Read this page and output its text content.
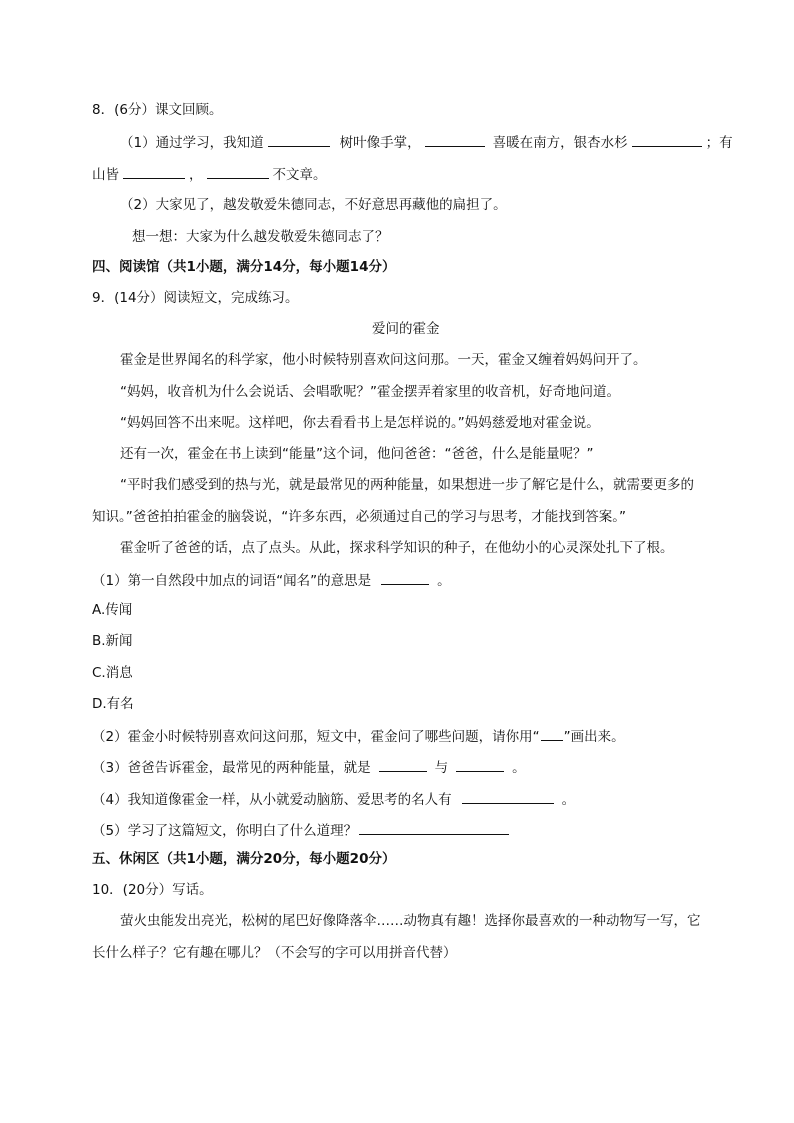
8．(6分）课文回顾。
（1）通过学习，我知道	树叶像手掌，	喜暖在南方，银杏水杉	；有
山皆	，	不文章。
（2）大家见了，越发敬爱朱德同志，不好意思再藏他的扁担了。
想一想：大家为什么越发敬爱朱德同志了？
四、阅读馆（共1小题，满分14分，每小题14分）
9．(14分）阅读短文，完成练习。
爱问的霍金
霍金是世界闻名的科学家，他小时候特别喜欢问这问那。一天，霍金又缠着妈妈问开了。
“妈妈，收音机为什么会说话、会唱歌呢？”霍金摆弄着家里的收音机，好奇地问道。
“妈妈回答不出来呢。这样吧，你去看看书上是怎样说的。”妈妈慈爱地对霍金说。
还有一次，霍金在书上读到“能量”这个词，他问爸爸：“爸爸，什么是能量呢？”
“平时我们感受到的热与光，就是最常见的两种能量，如果想进一步了解它是什么，就需要更多的
知识。”爸爸拍拍霍金的脑袋说，“许多东西，必须通过自己的学习与思考，才能找到答案。”
霍金听了爸爸的话，点了点头。从此，探求科学知识的种子，在他幼小的心灵深处扎下了根。
（1）第一自然段中加点的词语“闻名”的意思是	。
A.传闻
B.新闻
C.消息
D.有名
（2）霍金小时候特别喜欢问这问那，短文中，霍金问了哪些问题，请你用“ ”画出来。
（3）爸爸告诉霍金，最常见的两种能量，就是	与	。
（4）我知道像霍金一样，从小就爱动脑筋、爱思考的名人有	。
（5）学习了这篇短文，你明白了什么道理？
五、休闲区（共1小题，满分20分，每小题20分）
10．(20分）写话。
萤火虫能发出亮光，松树的尾巴好像降落伞……动物真有趣！选择你最喜欢的一种动物写一写，它
长什么样子？它有趣在哪儿？（不会写的字可以用拼音代替）
